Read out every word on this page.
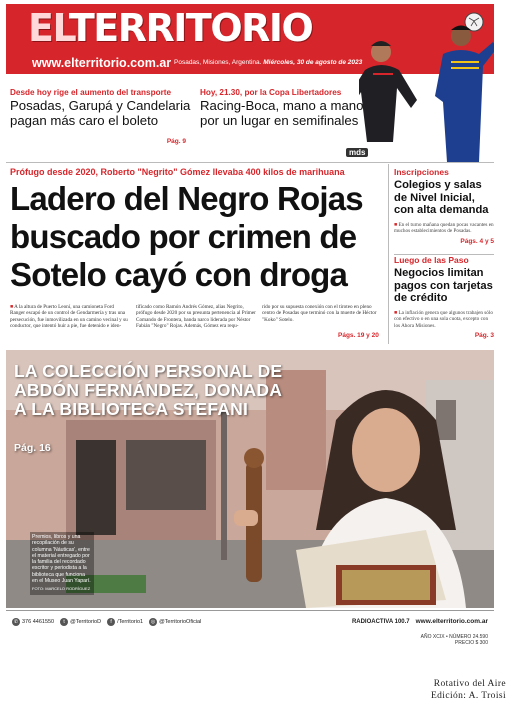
ELTERRITORIO
www.elterritorio.com.ar Posadas, Misiones, Argentina. Miércoles, 30 de agosto de 2023
Desde hoy rige el aumento del transporte
Posadas, Garupá y Candelaria pagan más caro el boleto
Pág. 9
Hoy, 21.30, por la Copa Libertadores
Racing-Boca, mano a mano por un lugar en semifinales
mds
Prófugo desde 2020, Roberto "Negrito" Gómez llevaba 400 kilos de marihuana
Ladero del Negro Rojas buscado por crimen de Sotelo cayó con droga

■ A la altura de Puerto Leoní, una camioneta Ford Ranger escapó de un control de Gendarmería y tras una persecución, fue inmovilizada en un camino vecinal y su conductor, que intentó huir a pie, fue detenido e iden-

tificado como Ramón Andrés Gómez, alias Negrito, prófugo desde 2020 por su presunta pertenencia al Primer Comando de Frontera, banda narco liderada por Néstor Fabián "Negro" Rojas. Además, Gómez era requ-

rido por su supuesta conexión con el tiroteo en pleno centro de Posadas que terminó con la muerte de Héctor "Koko" Sotelo.

Págs. 19 y 20
Inscripciones
Colegios y salas de Nivel Inicial, con alta demanda
■ En el turno mañana quedan pocas vacantes en muchos establecimientos de Posadas.
Págs. 4 y 5
Luego de las Paso
Negocios limitan pagos con tarjetas de crédito
■ La inflación genera que algunos trabajen sólo con efectivo o en una sola cuota, excepto con los Ahora Misiones.
Pág. 3
LA COLECCIÓN PERSONAL DE ABDÓN FERNÁNDEZ, DONADA A LA BIBLIOTECA STEFANI
Pág. 16
Premios, libros y una recopilación de su columna 'Náuticas', entre el material entregado por la familia del recordado escritor y periodista a la biblioteca que funciona en el Museo Juan Yaparí.
FOTO: MARCELO RODRÍGUEZ
✆ 376 4461550	t @TerritorioD	f /Territorio1	◎ @TerritorioOficial	RADIOACTIVA 100.7 www.elterritorio.com.ar
AÑO XCIX • NÚMERO 24.590
PRECIO $ 300
Rotativo del Aire
Edición: A. Troisi
